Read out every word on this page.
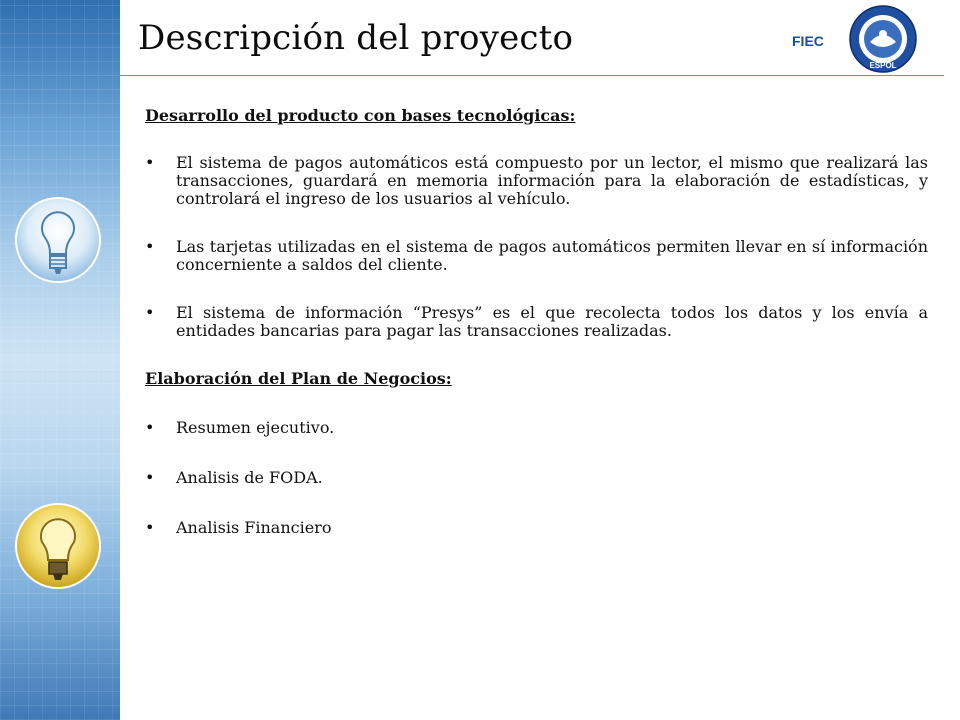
Descripción del proyecto	FIEC
ESPOL

Desarrollo del producto con bases tecnológicas:

• El sistema de pagos automáticos está compuesto por un lector, el mismo que realizará las transacciones, guardará en memoria información para la elaboración de estadísticas, y controlará el ingreso de los usuarios al vehículo.
• Las tarjetas utilizadas en el sistema de pagos automáticos permiten llevar en sí información concerniente a saldos del cliente.
• El sistema de información “Presys” es el que recolecta todos los datos y los envía a entidades bancarias para pagar las transacciones realizadas.

Elaboración del Plan de Negocios:

• Resumen ejecutivo.
• Analisis de FODA.
• Analisis Financiero
